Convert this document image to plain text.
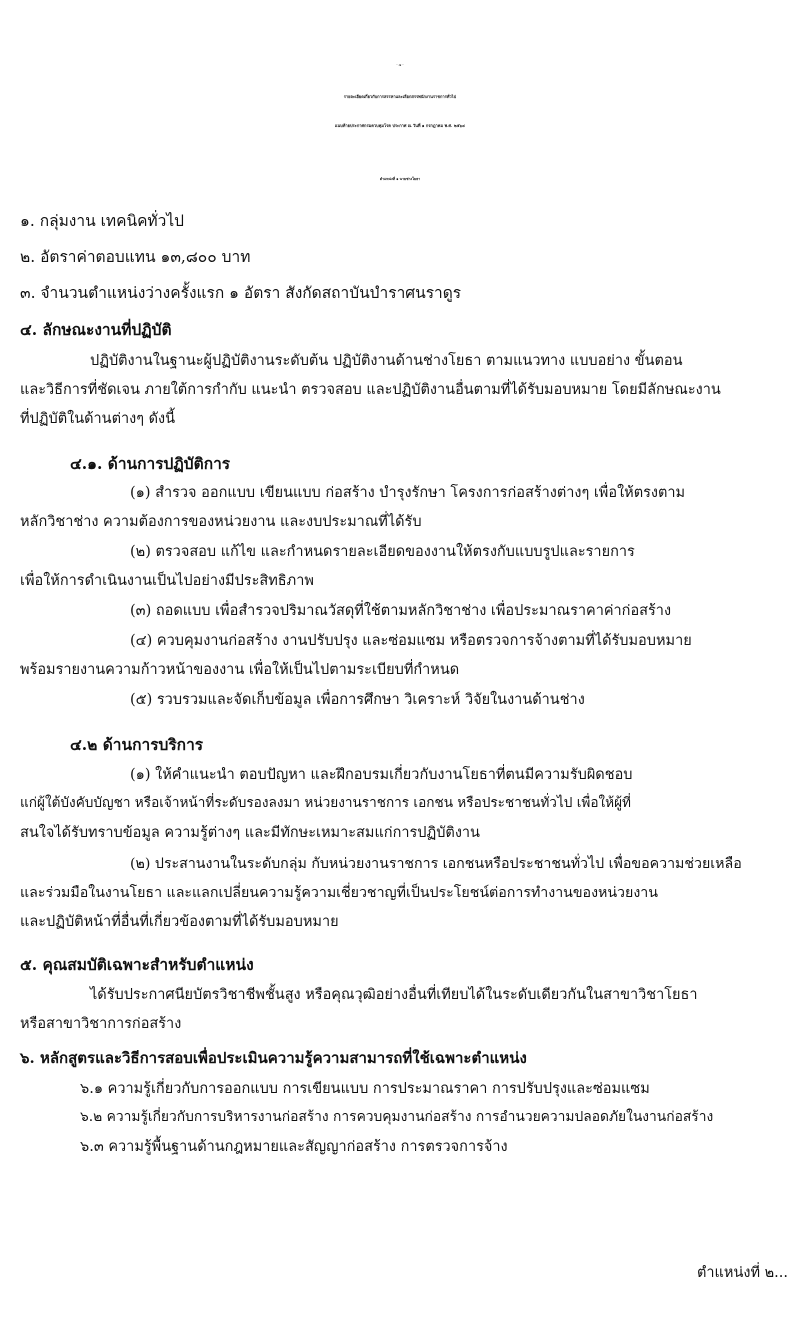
- ๗ -
รายละเอียดเกี่ยวกับการสรรหาและเลือกสรรพนักงานราชการทั่วไป
แนบท้ายประกาศกรมควบคุมโรค ประกาศ ณ วันที่ ๑ กรกฎาคม พ.ศ. ๒๕๖๔
ตำแหน่งที่ ๑ นายช่างโยธา
๑. กลุ่มงาน เทคนิคทั่วไป
๒. อัตราค่าตอบแทน ๑๓,๘๐๐ บาท
๓. จำนวนตำแหน่งว่างครั้งแรก ๑ อัตรา สังกัดสถาบันบำราศนราดูร
๔. ลักษณะงานที่ปฏิบัติ
ปฏิบัติงานในฐานะผู้ปฏิบัติงานระดับต้น ปฏิบัติงานด้านช่างโยธา ตามแนวทาง แบบอย่าง ขั้นตอน
และวิธีการที่ชัดเจน ภายใต้การกำกับ แนะนำ ตรวจสอบ และปฏิบัติงานอื่นตามที่ได้รับมอบหมาย โดยมีลักษณะงาน
ที่ปฏิบัติในด้านต่างๆ ดังนี้
๔.๑. ด้านการปฏิบัติการ
(๑) สำรวจ ออกแบบ เขียนแบบ ก่อสร้าง บำรุงรักษา โครงการก่อสร้างต่างๆ เพื่อให้ตรงตาม
หลักวิชาช่าง ความต้องการของหน่วยงาน และงบประมาณที่ได้รับ
(๒) ตรวจสอบ แก้ไข และกำหนดรายละเอียดของงานให้ตรงกับแบบรูปและรายการ
เพื่อให้การดำเนินงานเป็นไปอย่างมีประสิทธิภาพ
(๓) ถอดแบบ เพื่อสำรวจปริมาณวัสดุที่ใช้ตามหลักวิชาช่าง เพื่อประมาณราคาค่าก่อสร้าง
(๔) ควบคุมงานก่อสร้าง งานปรับปรุง และซ่อมแซม หรือตรวจการจ้างตามที่ได้รับมอบหมาย
พร้อมรายงานความก้าวหน้าของงาน เพื่อให้เป็นไปตามระเบียบที่กำหนด
(๕) รวบรวมและจัดเก็บข้อมูล เพื่อการศึกษา วิเคราะห์ วิจัยในงานด้านช่าง
๔.๒ ด้านการบริการ
(๑) ให้คำแนะนำ ตอบปัญหา และฝึกอบรมเกี่ยวกับงานโยธาที่ตนมีความรับผิดชอบ
แก่ผู้ใต้บังคับบัญชา หรือเจ้าหน้าที่ระดับรองลงมา หน่วยงานราชการ เอกชน หรือประชาชนทั่วไป เพื่อให้ผู้ที่
สนใจได้รับทราบข้อมูล ความรู้ต่างๆ และมีทักษะเหมาะสมแก่การปฏิบัติงาน
(๒) ประสานงานในระดับกลุ่ม กับหน่วยงานราชการ เอกชนหรือประชาชนทั่วไป เพื่อขอความช่วยเหลือ
และร่วมมือในงานโยธา และแลกเปลี่ยนความรู้ความเชี่ยวชาญที่เป็นประโยชน์ต่อการทำงานของหน่วยงาน
และปฏิบัติหน้าที่อื่นที่เกี่ยวข้องตามที่ได้รับมอบหมาย
๕. คุณสมบัติเฉพาะสำหรับตำแหน่ง
ได้รับประกาศนียบัตรวิชาชีพชั้นสูง หรือคุณวุฒิอย่างอื่นที่เทียบได้ในระดับเดียวกันในสาขาวิชาโยธา
หรือสาขาวิชาการก่อสร้าง
๖. หลักสูตรและวิธีการสอบเพื่อประเมินความรู้ความสามารถที่ใช้เฉพาะตำแหน่ง
๖.๑ ความรู้เกี่ยวกับการออกแบบ การเขียนแบบ การประมาณราคา การปรับปรุงและซ่อมแซม
๖.๒ ความรู้เกี่ยวกับการบริหารงานก่อสร้าง การควบคุมงานก่อสร้าง การอำนวยความปลอดภัยในงานก่อสร้าง
๖.๓ ความรู้พื้นฐานด้านกฎหมายและสัญญาก่อสร้าง การตรวจการจ้าง
ตำแหน่งที่ ๒...
